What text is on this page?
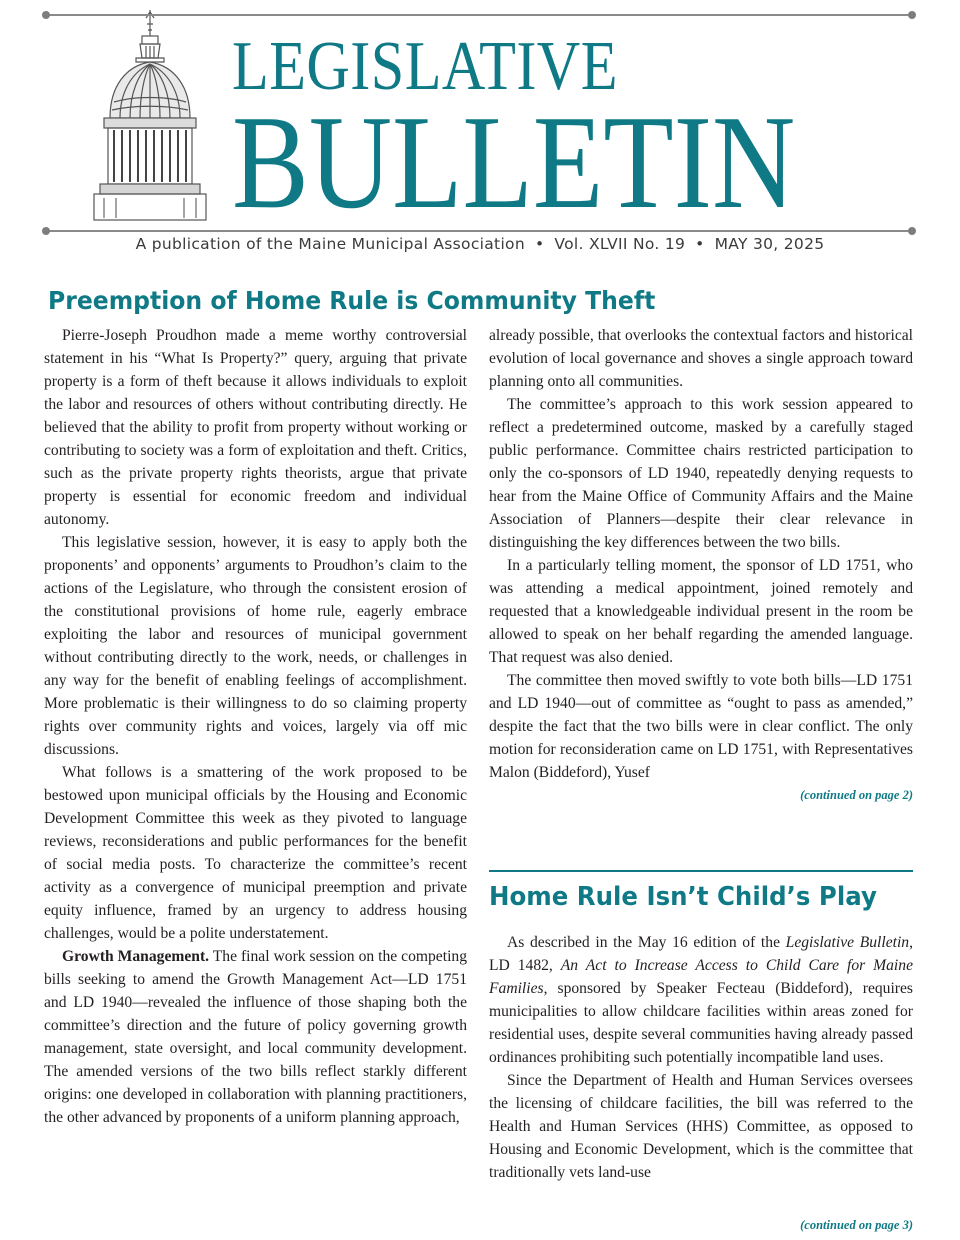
LEGISLATIVE
BULLETIN
A publication of the Maine Municipal Association • Vol. XLVII No. 19 • MAY 30, 2025
Preemption of Home Rule is Community Theft

Pierre-Joseph Proudhon made a meme worthy controversial statement in his “What Is Property?” query, arguing that private property is a form of theft because it allows individuals to exploit the labor and resources of others without contributing directly. He believed that the ability to profit from property without working or contributing to society was a form of exploitation and theft. Critics, such as the private property rights theorists, argue that private property is essential for economic freedom and individual autonomy.

This legislative session, however, it is easy to apply both the proponents’ and opponents’ arguments to Proudhon’s claim to the actions of the Legislature, who through the consistent erosion of the constitutional provisions of home rule, eagerly embrace exploiting the labor and resources of municipal government without contributing directly to the work, needs, or challenges in any way for the benefit of enabling feelings of accomplishment. More problematic is their willingness to do so claiming property rights over community rights and voices, largely via off mic discussions.

What follows is a smattering of the work proposed to be bestowed upon municipal officials by the Housing and Economic Development Committee this week as they pivoted to language reviews, reconsiderations and public performances for the benefit of social media posts. To characterize the committee’s recent activity as a convergence of municipal preemption and private equity influence, framed by an urgency to address housing challenges, would be a polite understatement.

Growth Management. The final work session on the competing bills seeking to amend the Growth Management Act—LD 1751 and LD 1940—revealed the influence of those shaping both the committee’s direction and the future of policy governing growth management, state oversight, and local community development. The amended versions of the two bills reflect starkly different origins: one developed in collaboration with planning practitioners, the other advanced by proponents of a uniform planning approach,

already possible, that overlooks the contextual factors and historical evolution of local governance and shoves a single approach toward planning onto all communities.

The committee’s approach to this work session appeared to reflect a predetermined outcome, masked by a carefully staged public performance. Committee chairs restricted participation to only the co-sponsors of LD 1940, repeatedly denying requests to hear from the Maine Office of Community Affairs and the Maine Association of Planners—despite their clear relevance in distinguishing the key differences between the two bills.

In a particularly telling moment, the sponsor of LD 1751, who was attending a medical appointment, joined remotely and requested that a knowledgeable individual present in the room be allowed to speak on her behalf regarding the amended language. That request was also denied.

The committee then moved swiftly to vote both bills—LD 1751 and LD 1940—out of committee as “ought to pass as amended,” despite the fact that the two bills were in clear conflict. The only motion for reconsideration came on LD 1751, with Representatives Malon (Biddeford), Yusef

(continued on page 2)
Home Rule Isn’t Child’s Play

As described in the May 16 edition of the Legislative Bulletin, LD 1482, An Act to Increase Access to Child Care for Maine Families, sponsored by Speaker Fecteau (Biddeford), requires municipalities to allow childcare facilities within areas zoned for residential uses, despite several communities having already passed ordinances prohibiting such potentially incompatible land uses.

Since the Department of Health and Human Services oversees the licensing of childcare facilities, the bill was referred to the Health and Human Services (HHS) Committee, as opposed to Housing and Economic Development, which is the committee that traditionally vets land-use

(continued on page 3)
